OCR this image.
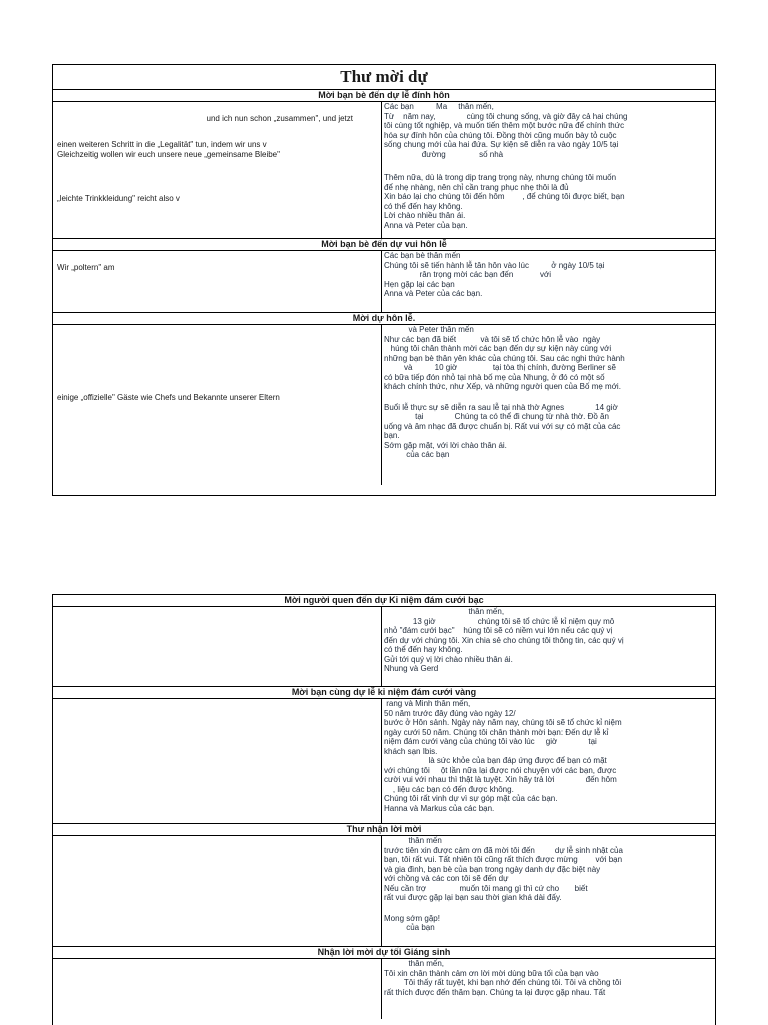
Thư mời dự
Mời bạn bè đến dự lễ đính hôn
und ich nun schon „zusammen", und jetzt
einen weiteren Schritt in die „Legalität" tun, indem wir uns v
Gleichzeitig wollen wir euch unsere neue „gemeinsame Bleibe"
„leichte Trinkkleidung" reicht also v
Các bạn          Ma     thân mến,
Từ    năm nay,              cùng tôi chung sống, và giờ đây cả hai chúng
tôi cùng tốt nghiệp, và muốn tiến thêm một bước nữa để chính thức
hóa sự đính hôn của chúng tôi. Đồng thời cũng muốn bày tỏ cuộc
sống chung mới của hai đứa. Sự kiện sẽ diễn ra vào ngày 10/5 tại
đường               số nhà
Thêm nữa, dù là trong dịp trang trọng này, nhưng chúng tôi muốn
để nhẹ nhàng, nên chỉ cần trang phục nhẹ thôi là đủ
Xin báo lại cho chúng tôi đến hôm        , để chúng tôi được biết, bạn
có thể đến hay không.
Lời chào nhiều thân ái.
Anna và Peter của bạn.
Mời bạn bè đến dự vui hôn lễ
Wir „poltern" am
Các bạn bè thân mến
Chúng tôi sẽ tiến hành lễ tân hôn vào lúc          ở ngày 10/5 tại
rân trọng mời các bạn đến            với
Hẹn gặp lại các bạn
Anna và Peter của các bạn.
Mời dự hôn lễ.
einige „offizielle" Gäste wie Chefs und Bekannte unserer Eltern
và Peter thân mến
Như các bạn đã biết           và tôi sẽ tổ chức hôn lễ vào  ngày
húng tôi chân thành mời các bạn đến dự sự kiện này cùng với
những bạn bè thân yên khác của chúng tôi. Sau các nghi thức hành
và          10 giờ                tại tòa thị chính, đường Berliner sẽ
có bữa tiếp đón nhỏ tại nhà bố mẹ của Nhung, ở đó có một số
khách chính thức, như Xếp, và những người quen của Bố mẹ mới.
Buổi lễ thực sự sẽ diễn ra sau lễ tại nhà thờ Agnes              14 giờ
tại              Chúng ta có thể đi chung từ nhà thờ. Đồ ăn
uống và âm nhạc đã được chuẩn bị. Rất vui với sự có mặt của các
bạn.
Sớm gặp mặt, với lời chào thân ái.
của các bạn
Mời người quen đến dự Kỉ niệm đám cưới bạc
thân mến,
13 giờ                   chúng tôi sẽ tổ chức lễ kỉ niệm quy mô
nhỏ "đám cưới bạc"    húng tôi sẽ có niềm vui lớn nếu các quý vị
đến dự với chúng tôi. Xin chia sẻ cho chúng tôi thông tin, các quý vị
có thể đến hay không.
Gửi tới quý vị lời chào nhiều thân ái.
Nhung và Gerd
Mời bạn cùng dự lễ kỉ niệm đám cưới vàng
rang và Minh thân mến,
50 năm trước đây đúng vào ngày 12/
bước ở Hôn sảnh. Ngày này năm nay, chúng tôi sẽ tổ chức kỉ niệm
ngày cưới 50 năm. Chúng tôi chân thành mời bạn: Đến dự lễ kỉ
niệm đám cưới vàng của chúng tôi vào lúc     giờ              tại
khách sạn Ibis.
là sức khỏe của bạn đáp ứng được để bạn có mặt
với chúng tôi     ột lần nữa lại được nói chuyện với các bạn, được
cười vui với nhau thì thật là tuyệt. Xin hãy trả lời              đến hôm
, liệu các bạn có đến được không.
Chúng tôi rất vinh dự vì sự góp mặt của các bạn.
Hanna và Markus của các bạn.
Thư nhận lời mời
thân mến
trước tiên xin được cảm ơn đã mời tôi đến         dự lễ sinh nhật của
bạn, tôi rất vui. Tất nhiên tôi cũng rất thích được mừng        với bạn
và gia đình, bạn bè của bạn trong ngày danh dự đặc biệt này
với chồng và các con tôi sẽ đến dự
Nếu cần trợ               muốn tôi mang gì thì cứ cho       biết
rất vui được gặp lại bạn sau thời gian khá dài đấy.
Mong sớm gặp!
của bạn
Nhận lời mời dự tối Giáng sinh
thân mến,
Tôi xin chân thành cảm ơn lời mời dùng bữa tối của bạn vào
Tôi thấy rất tuyệt, khi bạn nhớ đến chúng tôi. Tôi và chồng tôi
rất thích được đến thăm bạn. Chúng ta lại được gặp nhau. Tất
